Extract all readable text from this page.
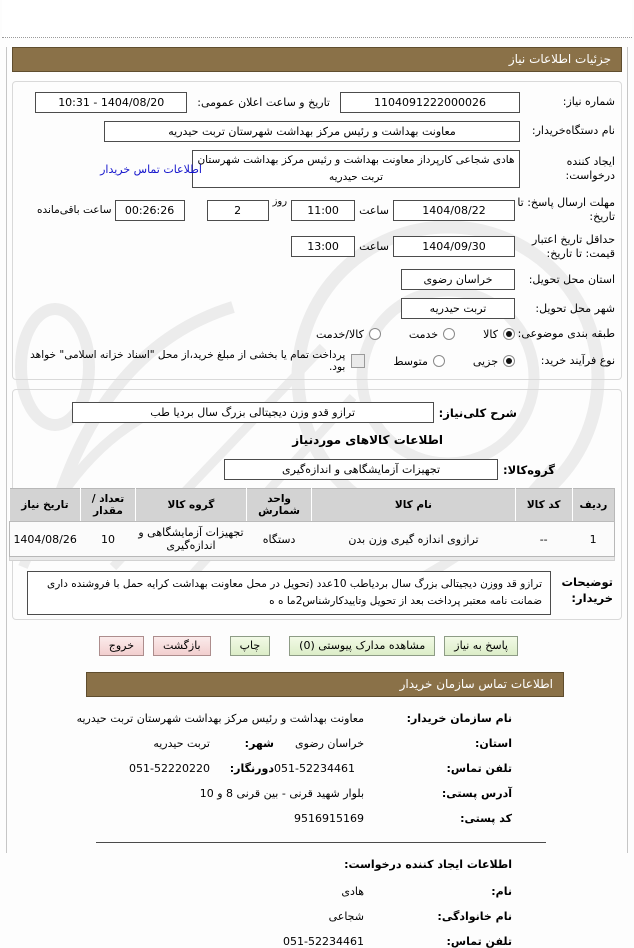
جزئیات اطلاعات نیاز
شماره نیاز:
1104091222000026
تاریخ و ساعت اعلان عمومی:
1404/08/20 - 10:31
نام دستگاه‌خریدار:
معاونت بهداشت و رئیس مرکز بهداشت شهرستان تربت حیدریه
ایجاد کننده درخواست:
هادی شجاعی کارپرداز معاونت بهداشت و رئیس مرکز بهداشت شهرستان تربت حیدریه
اطلاعات تماس خریدار
مهلت ارسال پاسخ: تا تاریخ:
1404/08/22
ساعت
11:00
روز
2
00:26:26
ساعت باقی‌مانده
حداقل تاریخ اعتبار قیمت: تا تاریخ:
1404/09/30
ساعت
13:00
استان محل تحویل:
خراسان رضوی
شهر محل تحویل:
تربت حیدریه
طبقه بندی موضوعی:
کالا
خدمت
کالا/خدمت
نوع فرآیند خرید:
جزیی
متوسط
پرداخت تمام یا بخشی از مبلغ خرید،از محل "اسناد خزانه اسلامی" خواهد بود.
شرح کلی‌نیاز:
ترازو قدو وزن دیجیتالی بزرگ سال بردیا طب
اطلاعات کالاهای موردنیاز
گروه‌کالا:
تجهیزات آزمایشگاهی و اندازه‌گیری
ردیف	کد کالا	نام کالا	واحد شمارش	گروه کالا	تعداد / مقدار	تاریخ نیاز
1	--	ترازوی اندازه گیری وزن بدن	دستگاه	تجهیزات آزمایشگاهی و اندازه‌گیری	10	1404/08/26
توضیحات خریدار:
ترازو قد ووزن دیجیتالی بزرگ سال بردیاطب 10عدد (تحویل در محل معاونت بهداشت کرایه حمل با فروشنده داری ضمانت نامه معتبر پرداخت بعد از تحویل وتاییدکارشناس2ما ه ه
پاسخ به نیاز
مشاهده مدارک پیوستی (0)
چاپ
بازگشت
خروج
اطلاعات تماس سازمان خریدار
نام سازمان خریدار:
معاونت بهداشت و رئیس مرکز بهداشت شهرستان تربت حیدریه
استان:
خراسان رضوی
شهر:
تربت حیدریه
تلفن تماس:
051-52234461
دورنگار:
051-52220220
آدرس پستی:
بلوار شهید قرنی - بین قرنی 8 و 10
کد پستی:
9516915169
اطلاعات ایجاد کننده درخواست:
نام:
هادی
نام خانوادگی:
شجاعی
تلفن تماس:
051-52234461
